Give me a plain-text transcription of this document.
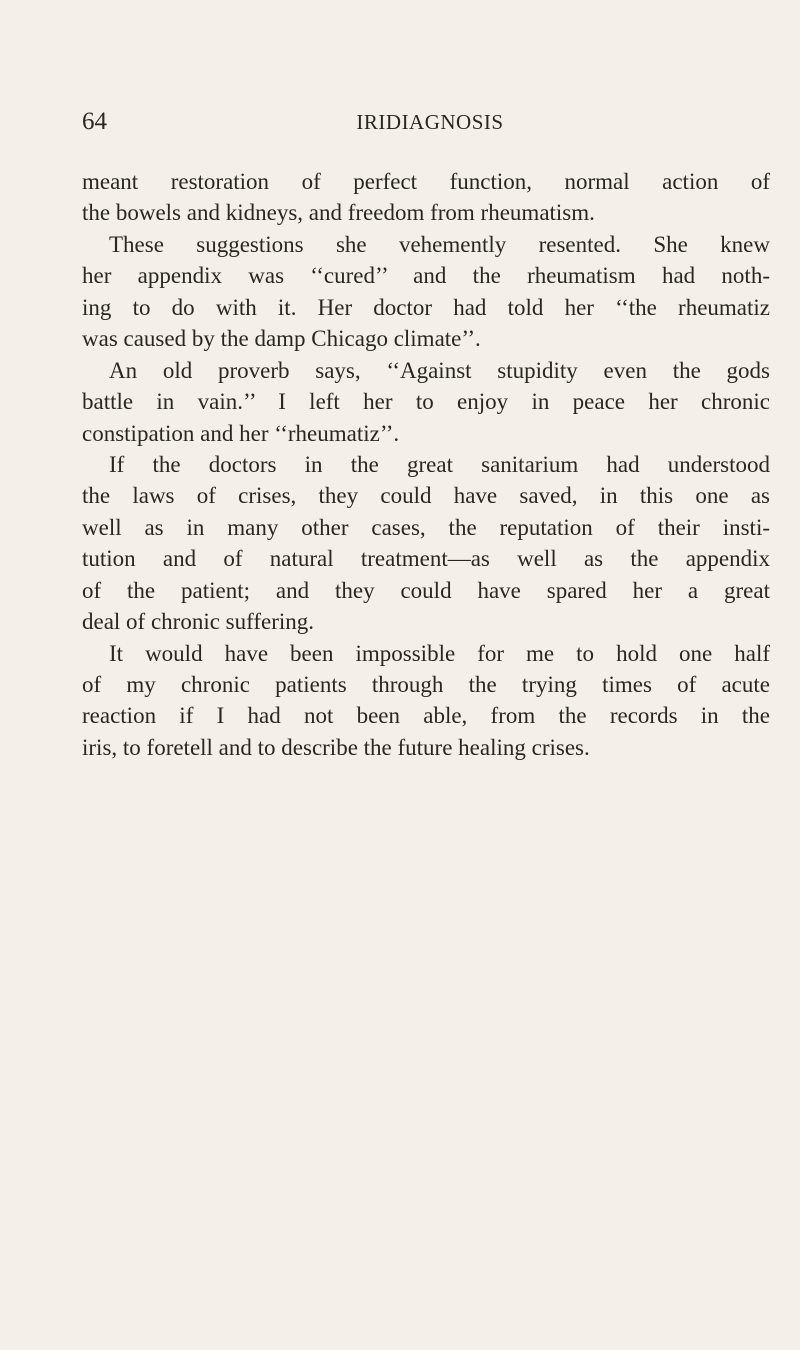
64	IRIDIAGNOSIS
meant restoration of perfect function, normal action of
the bowels and kidneys, and freedom from rheumatism.
These suggestions she vehemently resented. She knew
her appendix was ‘‘cured’’ and the rheumatism had noth-
ing to do with it. Her doctor had told her ‘‘the rheumatiz
was caused by the damp Chicago climate’’.
An old proverb says, ‘‘Against stupidity even the gods
battle in vain.’’ I left her to enjoy in peace her chronic
constipation and her ‘‘rheumatiz’’.
If the doctors in the great sanitarium had understood
the laws of crises, they could have saved, in this one as
well as in many other cases, the reputation of their insti-
tution and of natural treatment—as well as the appendix
of the patient; and they could have spared her a great
deal of chronic suffering.
It would have been impossible for me to hold one half
of my chronic patients through the trying times of acute
reaction if I had not been able, from the records in the
iris, to foretell and to describe the future healing crises.
